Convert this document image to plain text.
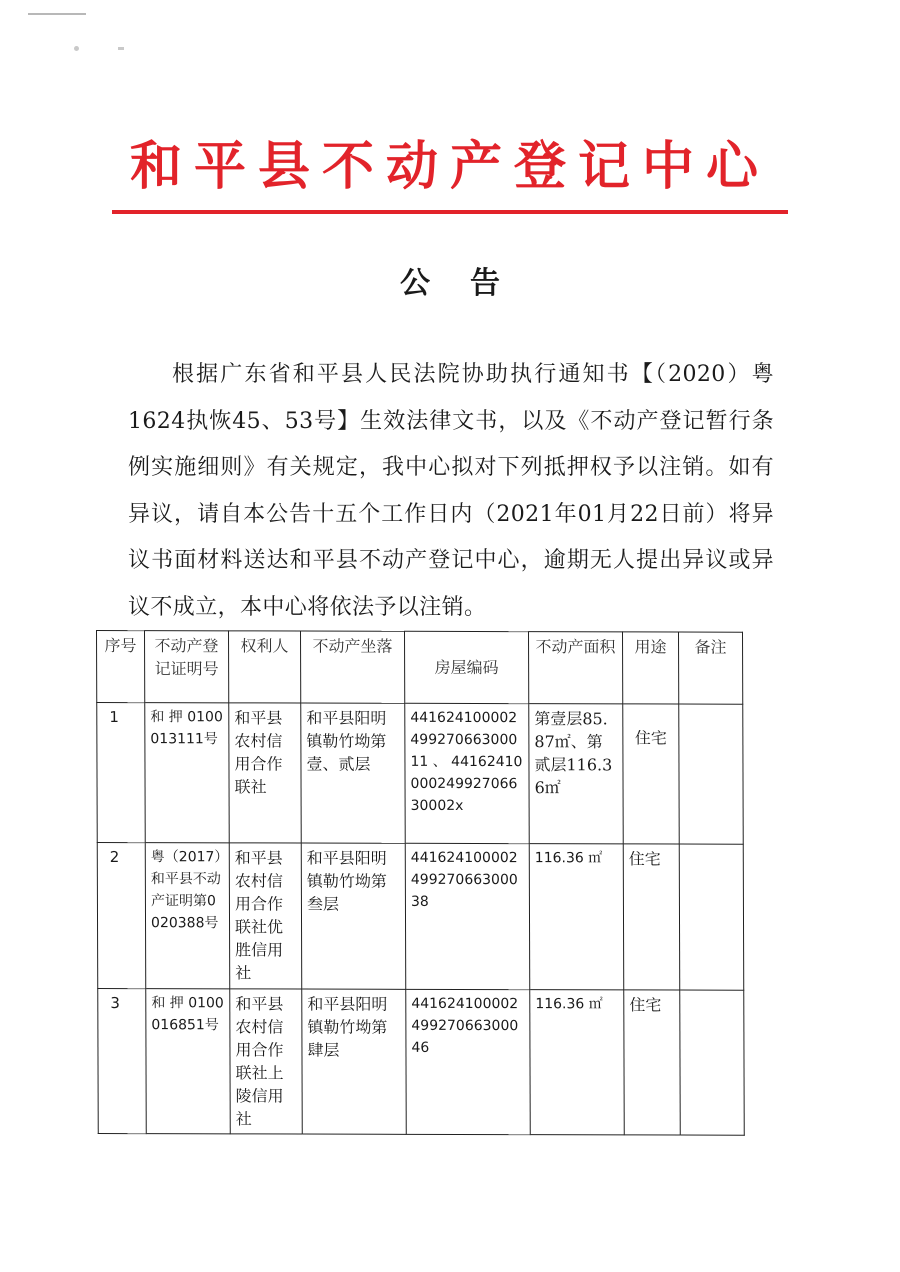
和平县不动产登记中心
公告
根据广东省和平县人民法院协助执行通知书【（2020）粤1624执恢45、53号】生效法律文书，以及《不动产登记暂行条例实施细则》有关规定，我中心拟对下列抵押权予以注销。如有异议，请自本公告十五个工作日内（2021年01月22日前）将异议书面材料送达和平县不动产登记中心，逾期无人提出异议或异议不成立，本中心将依法予以注销。
序号	不动产登记证明号	权利人	不动产坐落	房屋编码	不动产面积	用途	备注
1	和 押 0100013111号	和平县农村信用合作联社	和平县阳明镇勒竹坳第壹、贰层	441624100002499270663000​11 、 441624100002499270663000​2x	第壹层85.87㎡、第贰层116.36㎡	住宅	
2	粤（2017）和平县不动产证明第0020388号	和平县农村信用合作联社优胜信用社	和平县阳明镇勒竹坳第叁层	4416241000024992706630​0038	116.36 ㎡	住宅	
3	和 押 0100016851号	和平县农村信用合作联社上陵信用社	和平县阳明镇勒竹坳第肆层	4416241000024992706630​0046	116.36 ㎡	住宅	
